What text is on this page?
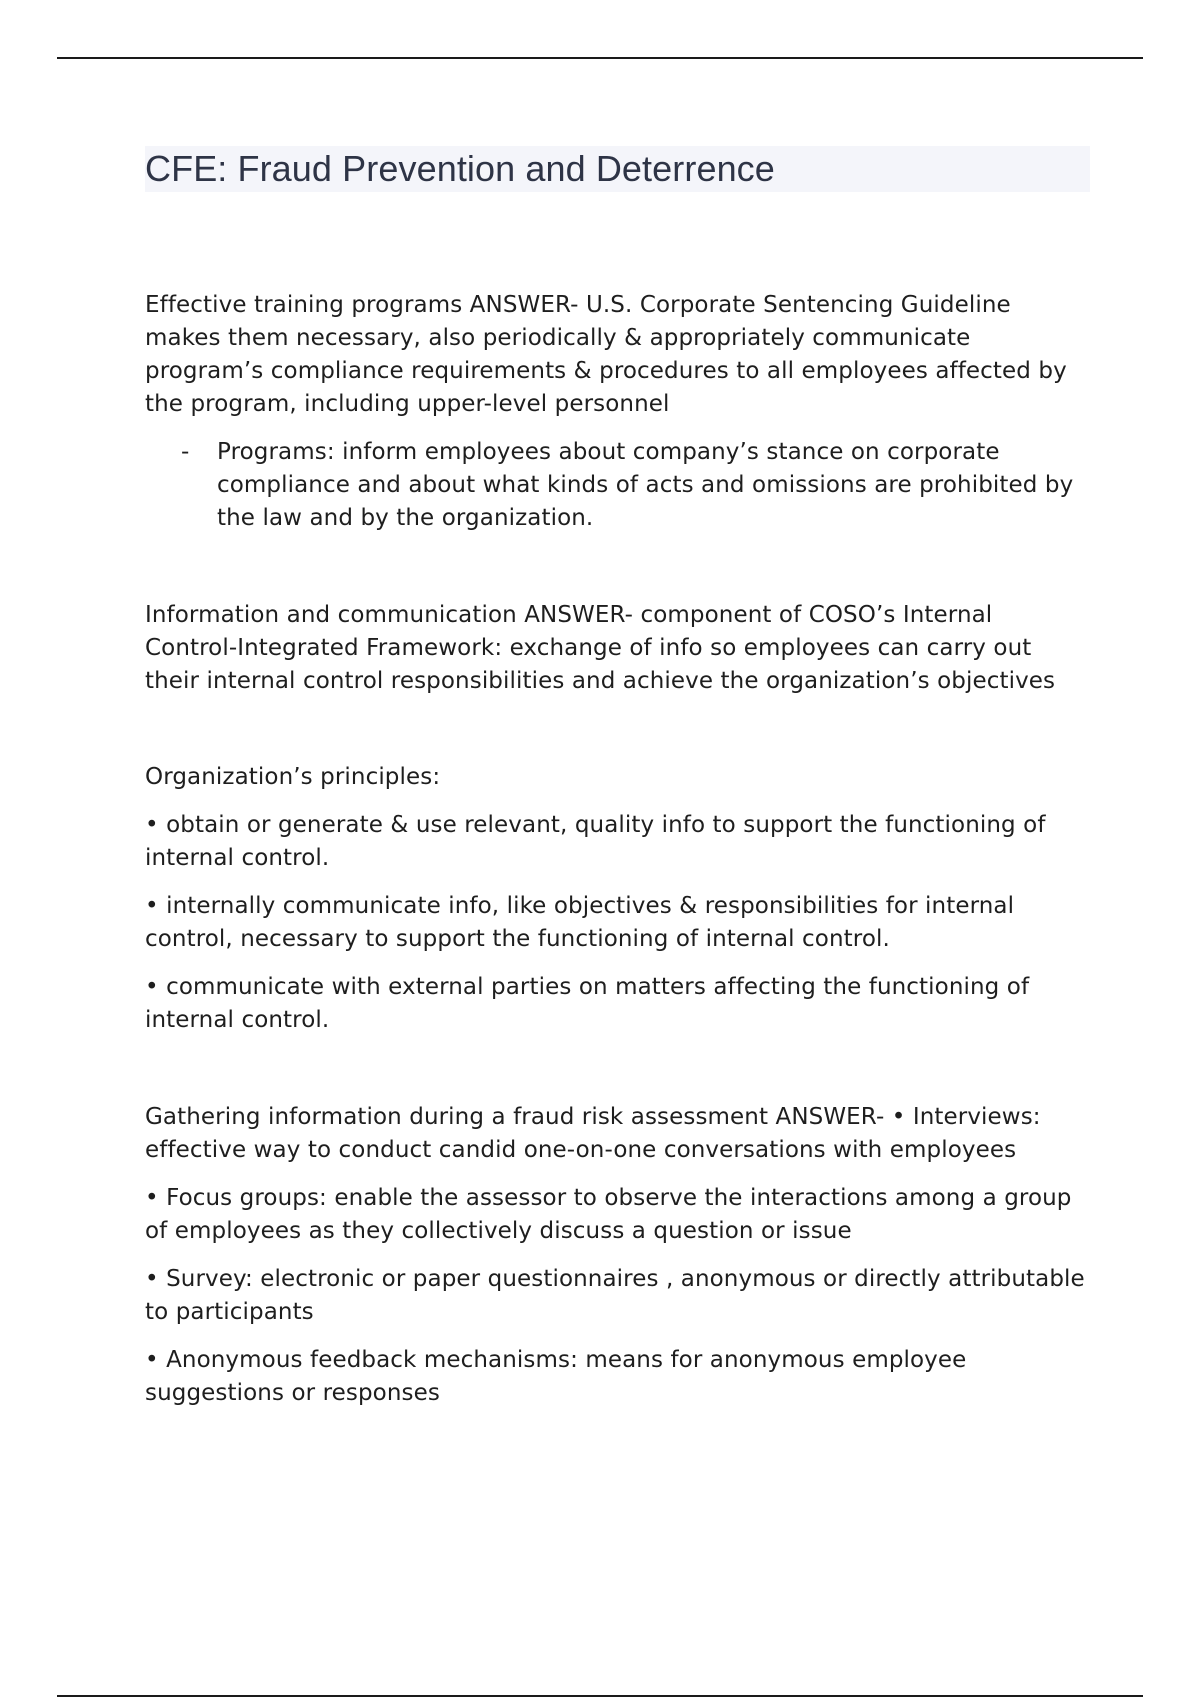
CFE: Fraud Prevention and Deterrence

Effective training programs ANSWER- U.S. Corporate Sentencing Guideline makes them necessary, also periodically & appropriately communicate program’s compliance requirements & procedures to all employees affected by the program, including upper-level personnel

- Programs: inform employees about company’s stance on corporate compliance and about what kinds of acts and omissions are prohibited by the law and by the organization.

Information and communication ANSWER- component of COSO’s Internal Control-Integrated Framework: exchange of info so employees can carry out their internal control responsibilities and achieve the organization’s objectives

Organization’s principles:

• obtain or generate & use relevant, quality info to support the functioning of internal control.

• internally communicate info, like objectives & responsibilities for internal control, necessary to support the functioning of internal control.

• communicate with external parties on matters affecting the functioning of internal control.

Gathering information during a fraud risk assessment ANSWER- • Interviews: effective way to conduct candid one-on-one conversations with employees

• Focus groups: enable the assessor to observe the interactions among a group of employees as they collectively discuss a question or issue

• Survey: electronic or paper questionnaires , anonymous or directly attributable to participants

• Anonymous feedback mechanisms: means for anonymous employee suggestions or responses
